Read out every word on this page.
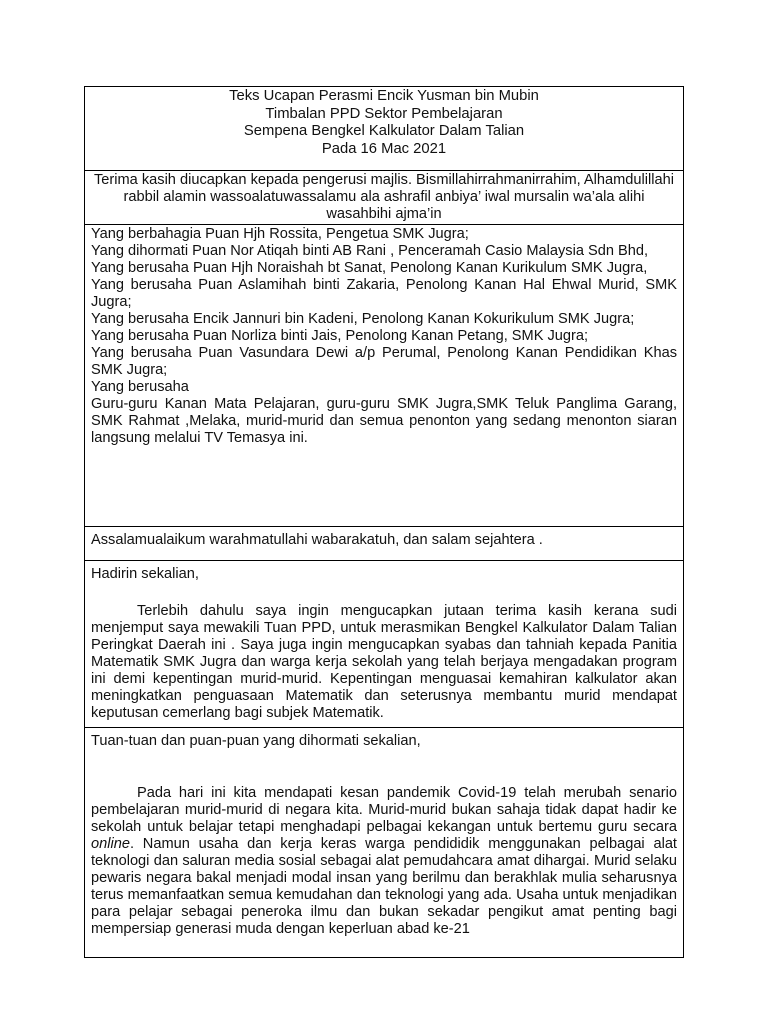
Teks Ucapan Perasmi Encik Yusman bin Mubin
Timbalan PPD Sektor Pembelajaran
Sempena Bengkel Kalkulator Dalam Talian
Pada 16 Mac 2021
Terima kasih diucapkan kepada pengerusi majlis. Bismillahirrahmanirrahim, Alhamdulillahi rabbil alamin wassoalatuwassalamu ala ashrafil anbiya’ iwal mursalin wa’ala alihi wasahbihi ajma’in
Yang berbahagia Puan Hjh Rossita, Pengetua SMK Jugra;
Yang dihormati Puan Nor Atiqah binti AB Rani , Penceramah Casio Malaysia Sdn Bhd,
Yang berusaha Puan Hjh Noraishah bt Sanat, Penolong Kanan Kurikulum SMK Jugra,
Yang berusaha Puan Aslamihah binti Zakaria, Penolong Kanan Hal Ehwal Murid, SMK Jugra;
Yang berusaha Encik Jannuri bin Kadeni, Penolong Kanan Kokurikulum SMK Jugra;
Yang berusaha Puan Norliza binti Jais, Penolong Kanan Petang, SMK Jugra;
Yang berusaha Puan Vasundara Dewi a/p Perumal, Penolong Kanan Pendidikan Khas SMK Jugra;
Yang berusaha
Guru-guru Kanan Mata Pelajaran, guru-guru SMK Jugra,SMK Teluk Panglima Garang, SMK Rahmat ,Melaka, murid-murid dan semua penonton yang sedang menonton siaran langsung melalui TV Temasya ini.
Assalamualaikum warahmatullahi wabarakatuh, dan salam sejahtera .
Hadirin sekalian,
Terlebih dahulu saya ingin mengucapkan jutaan terima kasih kerana sudi menjemput saya mewakili Tuan PPD, untuk merasmikan Bengkel Kalkulator Dalam Talian Peringkat Daerah ini . Saya juga ingin mengucapkan syabas dan tahniah kepada Panitia Matematik SMK Jugra dan warga kerja sekolah yang telah berjaya mengadakan program ini demi kepentingan murid-murid. Kepentingan menguasai kemahiran kalkulator akan meningkatkan penguasaan Matematik dan seterusnya membantu murid mendapat keputusan cemerlang bagi subjek Matematik.
Tuan-tuan dan puan-puan yang dihormati sekalian,
Pada hari ini kita mendapati kesan pandemik Covid-19 telah merubah senario pembelajaran murid-murid di negara kita. Murid-murid bukan sahaja tidak dapat hadir ke sekolah untuk belajar tetapi menghadapi pelbagai kekangan untuk bertemu guru secara online. Namun usaha dan kerja keras warga pendididik menggunakan pelbagai alat teknologi dan saluran media sosial sebagai alat pemudahcara amat dihargai. Murid selaku pewaris negara bakal menjadi modal insan yang berilmu dan berakhlak mulia seharusnya terus memanfaatkan semua kemudahan dan teknologi yang ada. Usaha untuk menjadikan para pelajar sebagai peneroka ilmu dan bukan sekadar pengikut amat penting bagi mempersiap generasi muda dengan keperluan abad ke-21
